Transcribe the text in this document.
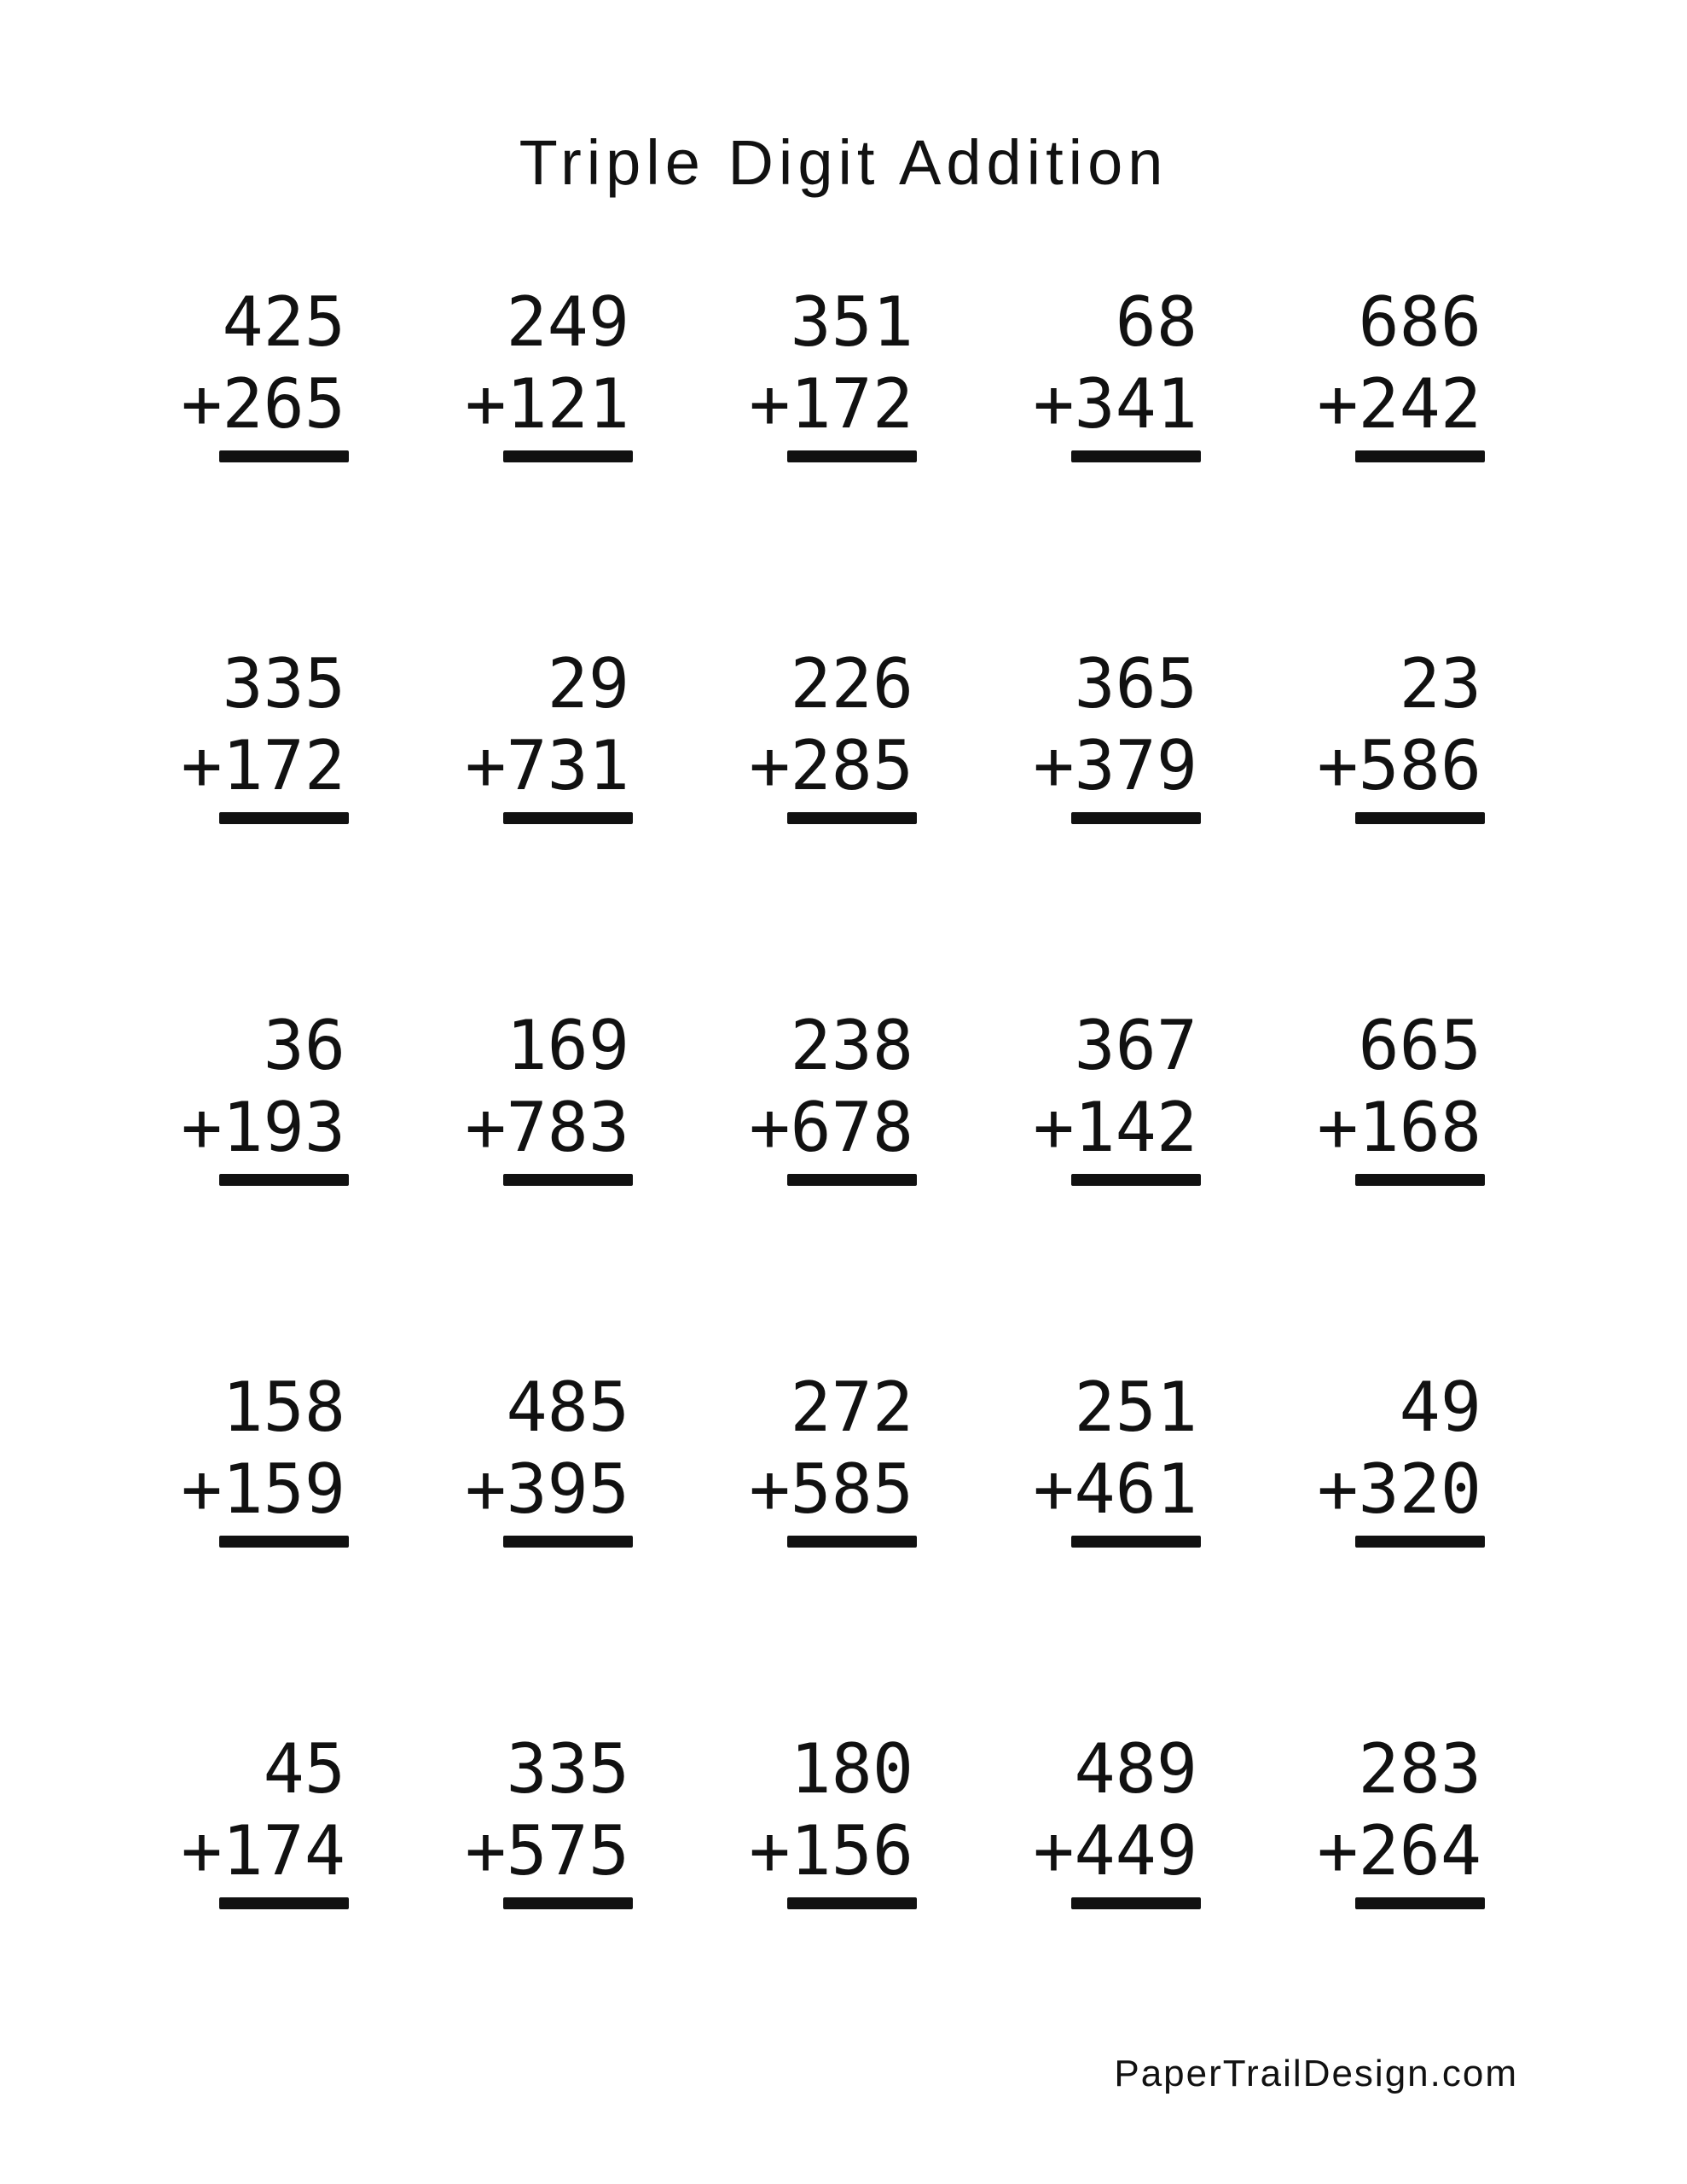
Triple Digit Addition
425
+265
249
+121
351
+172
68
+341
686
+242
335
+172
29
+731
226
+285
365
+379
23
+586
36
+193
169
+783
238
+678
367
+142
665
+168
158
+159
485
+395
272
+585
251
+461
49
+320
45
+174
335
+575
180
+156
489
+449
283
+264
PaperTrailDesign.com
